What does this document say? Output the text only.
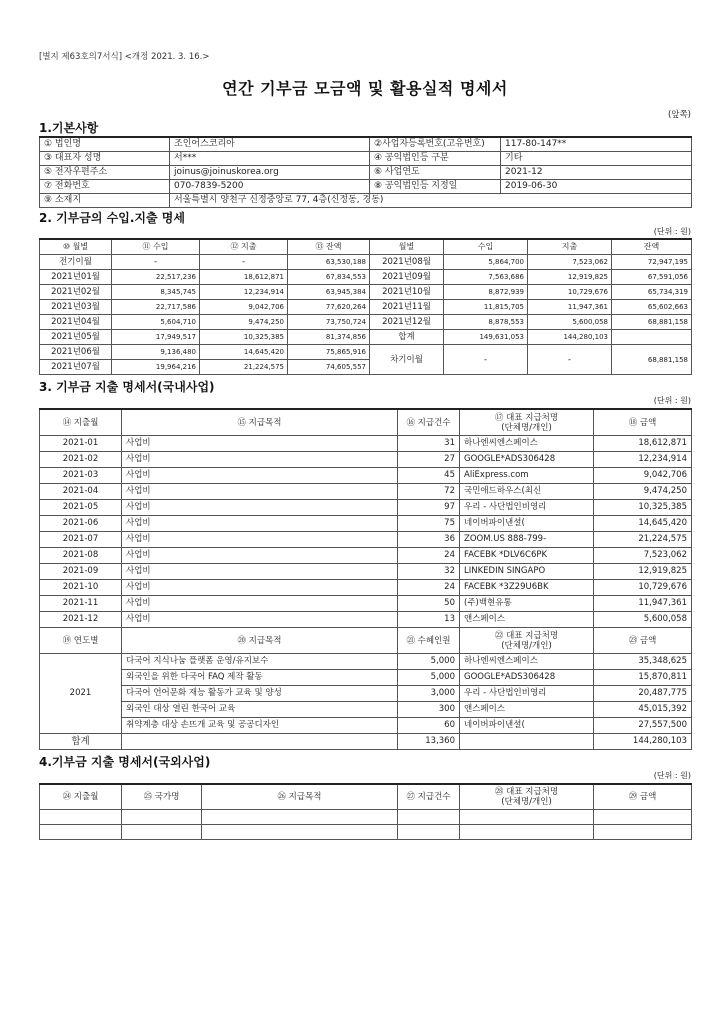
[별지 제63호의7서식] <개정 2021. 3. 16.>
연간 기부금 모금액 및 활용실적 명세서
(앞쪽)
1.기본사항
① 법인명	조인어스코리아	②사업자등록번호(고유번호)	117-80-147**
③ 대표자 성명	서***	④ 공익법인등 구분	기타
⑤ 전자우편주소	joinus@joinuskorea.org	⑥ 사업연도	2021-12
⑦ 전화번호	070-7839-5200	⑧ 공익법인등 지정일	2019-06-30
⑨ 소재지	서울특별시 양천구 신정중앙로 77, 4층(신정동, 경동)		
2. 기부금의 수입.지출 명세
(단위 : 원)
⑩ 월별	⑪ 수입	⑫ 지출	⑬ 잔액	월별	수입	지출	잔액
전기이월	-	-	63,530,188	2021년08월	5,864,700	7,523,062	72,947,195
2021년01월	22,517,236	18,612,871	67,834,553	2021년09월	7,563,686	12,919,825	67,591,056
2021년02월	8,345,745	12,234,914	63,945,384	2021년10월	8,872,939	10,729,676	65,734,319
2021년03월	22,717,586	9,042,706	77,620,264	2021년11월	11,815,705	11,947,361	65,602,663
2021년04월	5,604,710	9,474,250	73,750,724	2021년12월	8,878,553	5,600,058	68,881,158
2021년05월	17,949,517	10,325,385	81,374,856	합계	149,631,053	144,280,103	
2021년06월	9,136,480	14,645,420	75,865,916	차기이월	-	-	68,881,158
2021년07월	19,964,216	21,224,575	74,605,557				
3. 기부금 지출 명세서(국내사업)
(단위 : 원)
⑭ 지출월	⑮ 지급목적	⑯ 지급건수	⑰ 대표 지급처명
(단체명/개인)	⑱ 금액
2021-01	사업비	31	하나엔씨엔스페이스	18,612,871
2021-02	사업비	27	GOOGLE*ADS306428	12,234,914
2021-03	사업비	45	AliExpress.com	9,042,706
2021-04	사업비	72	국민애드하우스(최신	9,474,250
2021-05	사업비	97	우리 - 사단법인비영리	10,325,385
2021-06	사업비	75	네이버파이낸셜(	14,645,420
2021-07	사업비	36	ZOOM.US 888-799-	21,224,575
2021-08	사업비	24	FACEBK *DLV6C6PK	7,523,062
2021-09	사업비	32	LINKEDIN SINGAPO	12,919,825
2021-10	사업비	24	FACEBK *3Z29U6BK	10,729,676
2021-11	사업비	50	(주)백현유통	11,947,361
2021-12	사업비	13	앤스페이스	5,600,058
⑲ 연도별	⑳ 지급목적	㉑ 수혜인원	㉒ 대표 지급처명
(단체명/개인)	㉓ 금액
2021	다국어 지식나눔 플랫폼 운영/유지보수	5,000	하나엔씨엔스페이스	35,348,625
	외국인을 위한 다국어 FAQ 제작 활동	5,000	GOOGLE*ADS306428	15,870,811
	다국어 언어문화 재능 활동가 교육 및 양성	3,000	우리 - 사단법인비영리	20,487,775
	외국인 대상 열린 한국어 교육	300	앤스페이스	45,015,392
	취약계층 대상 손뜨개 교육 및 공공디자인	60	네이버파이낸셜(	27,557,500
합계		13,360		144,280,103
4.기부금 지출 명세서(국외사업)
(단위 : 원)
㉔ 지출월	㉕ 국가명	㉖ 지급목적	㉗ 지급건수	㉘ 대표 지급처명
(단체명/개인)	㉙ 금액
